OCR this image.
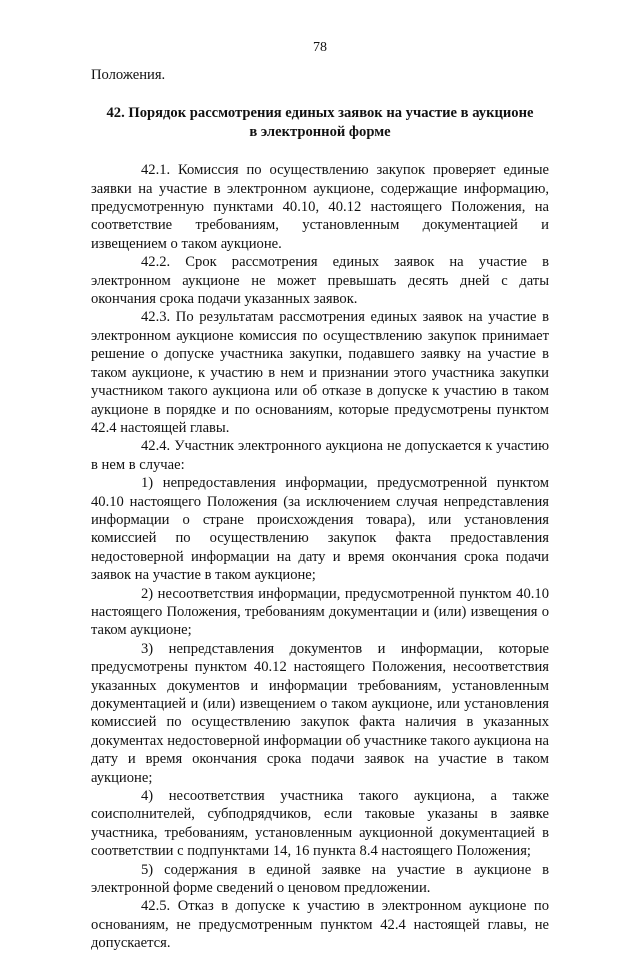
78
Положения.
42. Порядок рассмотрения единых заявок на участие в аукционе
в электронной форме

42.1. Комиссия по осуществлению закупок проверяет единые заявки на участие в электронном аукционе, содержащие информацию, предусмотренную пунктами 40.10, 40.12 настоящего Положения, на соответствие требованиям, установленным документацией и извещением о таком аукционе.

42.2. Срок рассмотрения единых заявок на участие в электронном аукционе не может превышать десять дней с даты окончания срока подачи указанных заявок.

42.3. По результатам рассмотрения единых заявок на участие в электронном аукционе комиссия по осуществлению закупок принимает решение о допуске участника закупки, подавшего заявку на участие в таком аукционе, к участию в нем и признании этого участника закупки участником такого аукциона или об отказе в допуске к участию в таком аукционе в порядке и по основаниям, которые предусмотрены пунктом 42.4 настоящей главы.

42.4. Участник электронного аукциона не допускается к участию в нем в случае:

1) непредоставления информации, предусмотренной пунктом 40.10 настоящего Положения (за исключением случая непредставления информации о стране происхождения товара), или установления комиссией по осуществлению закупок факта предоставления недостоверной информации на дату и время окончания срока подачи заявок на участие в таком аукционе;

2) несоответствия информации, предусмотренной пунктом 40.10 настоящего Положения, требованиям документации и (или) извещения о таком аукционе;

3) непредставления документов и информации, которые предусмотрены пунктом 40.12 настоящего Положения, несоответствия указанных документов и информации требованиям, установленным документацией и (или) извещением о таком аукционе, или установления комиссией по осуществлению закупок факта наличия в указанных документах недостоверной информации об участнике такого аукциона на дату и время окончания срока подачи заявок на участие в таком аукционе;

4) несоответствия участника такого аукциона, а также соисполнителей, субподрядчиков, если таковые указаны в заявке участника, требованиям, установленным аукционной документацией в соответствии с подпунктами 14, 16 пункта 8.4 настоящего Положения;

5) содержания в единой заявке на участие в аукционе в электронной форме сведений о ценовом предложении.

42.5. Отказ в допуске к участию в электронном аукционе по основаниям, не предусмотренным пунктом 42.4 настоящей главы, не допускается.
